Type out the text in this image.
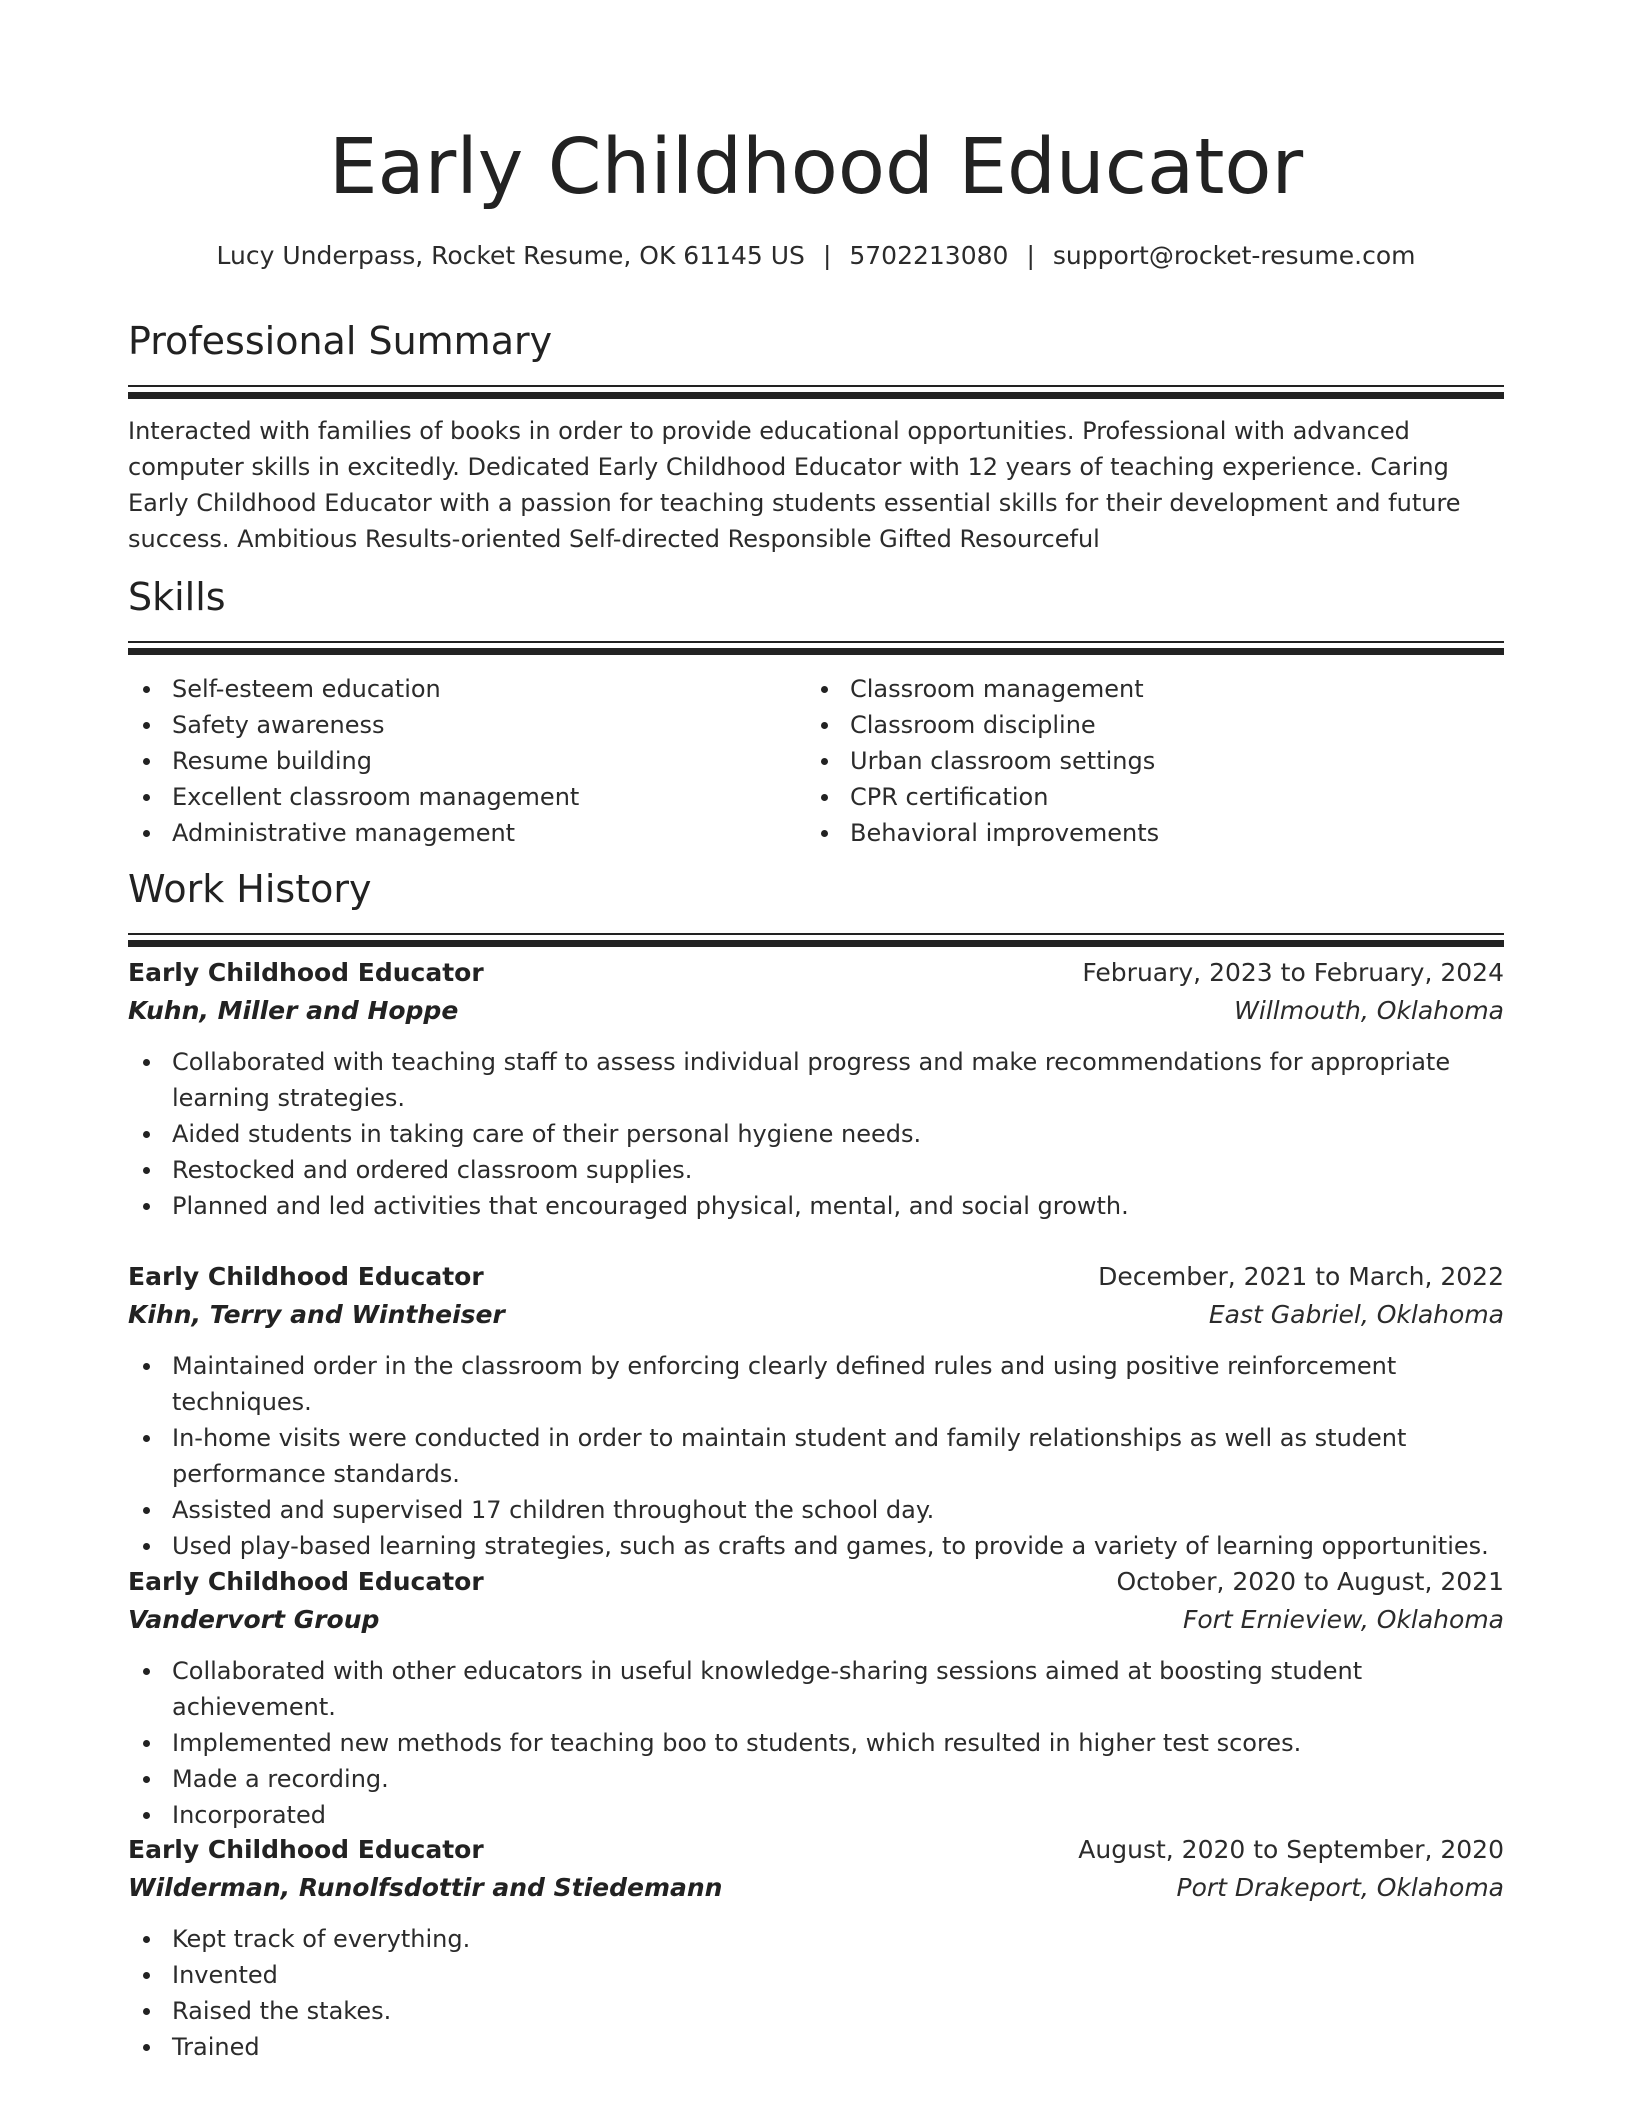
Early Childhood Educator
Lucy Underpass, Rocket Resume, OK 61145 US | 5702213080 | support@rocket-resume.com
Professional Summary
Interacted with families of books in order to provide educational opportunities. Professional with advanced computer skills in excitedly. Dedicated Early Childhood Educator with 12 years of teaching experience. Caring Early Childhood Educator with a passion for teaching students essential skills for their development and future success. Ambitious Results-oriented Self-directed Responsible Gifted Resourceful
Skills
Self-esteem education
Safety awareness
Resume building
Excellent classroom management
Administrative management
Classroom management
Classroom discipline
Urban classroom settings
CPR certification
Behavioral improvements
Work History
Early Childhood Educator	February, 2023 to February, 2024
Kuhn, Miller and Hoppe	Willmouth, Oklahoma
Collaborated with teaching staff to assess individual progress and make recommendations for appropriate learning strategies.
Aided students in taking care of their personal hygiene needs.
Restocked and ordered classroom supplies.
Planned and led activities that encouraged physical, mental, and social growth.
Early Childhood Educator	December, 2021 to March, 2022
Kihn, Terry and Wintheiser	East Gabriel, Oklahoma
Maintained order in the classroom by enforcing clearly defined rules and using positive reinforcement techniques.
In-home visits were conducted in order to maintain student and family relationships as well as student performance standards.
Assisted and supervised 17 children throughout the school day.
Used play-based learning strategies, such as crafts and games, to provide a variety of learning opportunities.
Early Childhood Educator	October, 2020 to August, 2021
Vandervort Group	Fort Ernieview, Oklahoma
Collaborated with other educators in useful knowledge-sharing sessions aimed at boosting student achievement.
Implemented new methods for teaching boo to students, which resulted in higher test scores.
Made a recording.
Incorporated
Early Childhood Educator	August, 2020 to September, 2020
Wilderman, Runolfsdottir and Stiedemann	Port Drakeport, Oklahoma
Kept track of everything.
Invented
Raised the stakes.
Trained
